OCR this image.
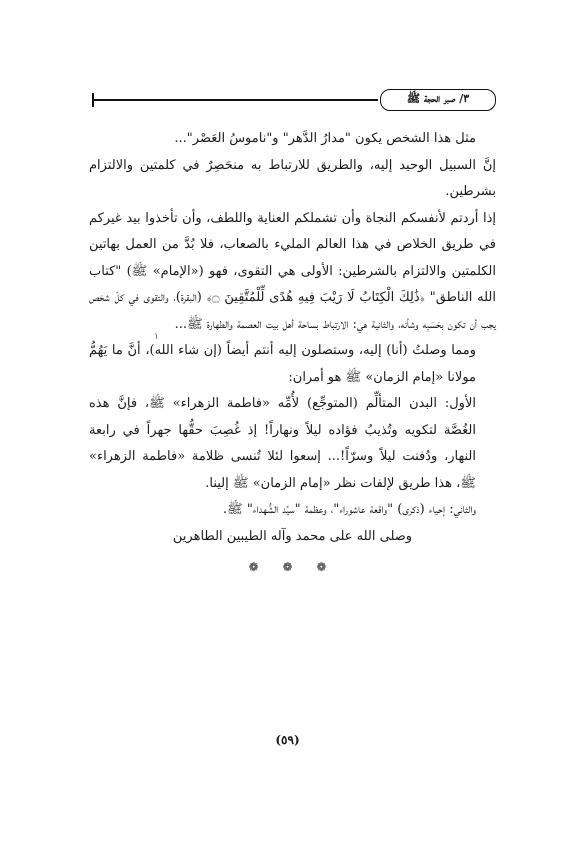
٣/ صبر الحجة ﷺ

مثل هذا الشخص يكون "مدارُ الدَّهر" و"ناموسُ العَصْر"...

إنَّ السبيل الوحيد إليه، والطريق للارتباط به منحَصِرٌ في كلمتين والالتزام بشرطين.

إذا أردتم لأنفسكم النجاة وأن تشملكم العناية واللطف، وأن تأخذوا بيد غيركم في طريق الخلاص في هذا العالم المليء بالصعاب، فلا بُدَّ من العمل بهاتين الكلمتين والالتزام بالشرطين: الأولى هي التقوى، فهو («الإمام» ﷺ) "كتاب الله الناطق" ﴿ذَٰلِكَ الْكِتَابُ لَا رَيْبَ فِيهِ هُدًى لِّلْمُتَّقِينَ ۝﴾ (البقرة)، والتقوى في كلّ شخص يجب أن تكون بحَسَبِه وشأنه، والثانية هي: الارتباط بساحة أهل بيت العصمة والطهارة ﷺ...

ومما وصلتُ (أنا) إليه، وستصلون إليه أنتم أيضاً (إن شاء الله)، أنَّ ما يَهُمُّ مولانا «إمام الزمان» ﷺ هو أمران:

الأول: البدن المتألِّم (المتوجِّع) لأُمِّه «فاطمة الزهراء» ﷺ، فإنَّ هذه الغُصَّة لتكويه وتُذيبُ فؤاده ليلاً ونهاراً! إذ غُصِبَ حقُّها جهراً في رابعة النهار، ودُفنت ليلاً وسرّاً!... إسعوا لئلا تُنسى ظلامة «فاطمة الزهراء» ﷺ، هذا طريق لإلفات نظر «إمام الزمان» ﷺ إلينا.

والثاني: إحياء (ذكرى) "واقعة عاشوراء"، وعظمة "سيِّد الشُّهداء" ﷺ.

وصلى الله على محمد وآله الطيبين الطاهرين

❁ ❁ ❁

١
(٥٩)
